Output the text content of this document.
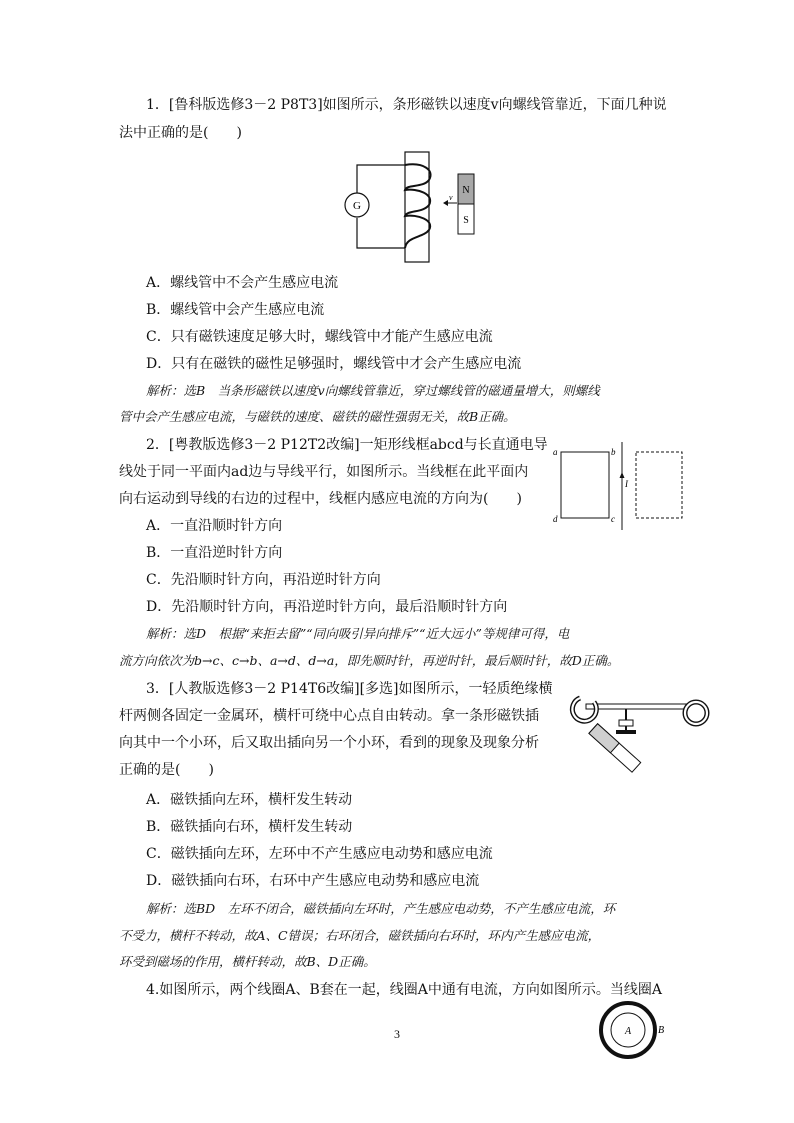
1．[鲁科版选修3－2 P8T3]如图所示，条形磁铁以速度v向螺线管靠近，下面几种说
法中正确的是(　　)
G
v
N
S
A．螺线管中不会产生感应电流
B．螺线管中会产生感应电流
C．只有磁铁速度足够大时，螺线管中才能产生感应电流
D．只有在磁铁的磁性足够强时，螺线管中才会产生感应电流
解析：选B　当条形磁铁以速度v向螺线管靠近，穿过螺线管的磁通量增大，则螺线
管中会产生感应电流，与磁铁的速度、磁铁的磁性强弱无关，故B正确。
2．[粤教版选修3－2 P12T2改编]一矩形线框abcd与长直通电导
线处于同一平面内ad边与导线平行，如图所示。当线框在此平面内
向右运动到导线的右边的过程中，线框内感应电流的方向为(　　)
a	b
c
d
I
A．一直沿顺时针方向
B．一直沿逆时针方向
C．先沿顺时针方向，再沿逆时针方向
D．先沿顺时针方向，再沿逆时针方向，最后沿顺时针方向
解析：选D　根据“来拒去留”“同向吸引异向排斥”“近大远小”等规律可得，电
流方向依次为b→c、c→b、a→d、d→a，即先顺时针，再逆时针，最后顺时针，故D正确。
3．[人教版选修3－2 P14T6改编][多选]如图所示，一轻质绝缘横
杆两侧各固定一金属环，横杆可绕中心点自由转动。拿一条形磁铁插
向其中一个小环，后又取出插向另一个小环，看到的现象及现象分析
正确的是(　　)
A．磁铁插向左环，横杆发生转动
B．磁铁插向右环，横杆发生转动
C．磁铁插向左环，左环中不产生感应电动势和感应电流
D．磁铁插向右环，右环中产生感应电动势和感应电流
解析：选BD　左环不闭合，磁铁插向左环时，产生感应电动势，不产生感应电流，环
不受力，横杆不转动，故A、C错误；右环闭合，磁铁插向右环时，环内产生感应电流，
环受到磁场的作用，横杆转动，故B、D正确。
4.如图所示，两个线圈A、B套在一起，线圈A中通有电流，方向如图所示。当线圈A
A	B
3
